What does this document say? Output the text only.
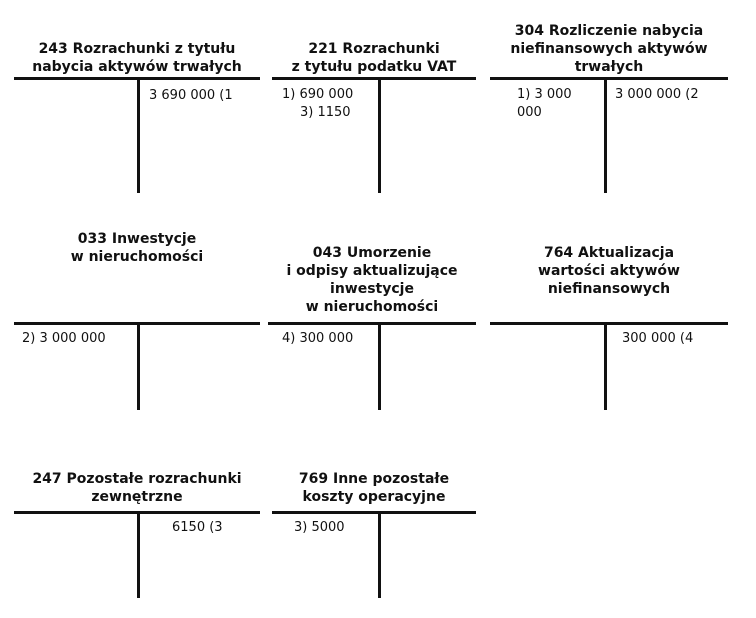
243 Rozrachunki z tytułu
nabycia aktywów trwałych
3 690 000 (1
221 Rozrachunki
z tytułu podatku VAT
1) 690 000
3) 1150
304 Rozliczenie nabycia
niefinansowych aktywów
trwałych
1) 3 000
000
3 000 000 (2
033 Inwestycje
w nieruchomości
2) 3 000 000
043 Umorzenie
i odpisy aktualizujące
inwestycje
w nieruchomości
4) 300 000
764 Aktualizacja
wartości aktywów
niefinansowych
300 000 (4
247 Pozostałe rozrachunki
zewnętrzne
6150 (3
769 Inne pozostałe
koszty operacyjne
3) 5000
